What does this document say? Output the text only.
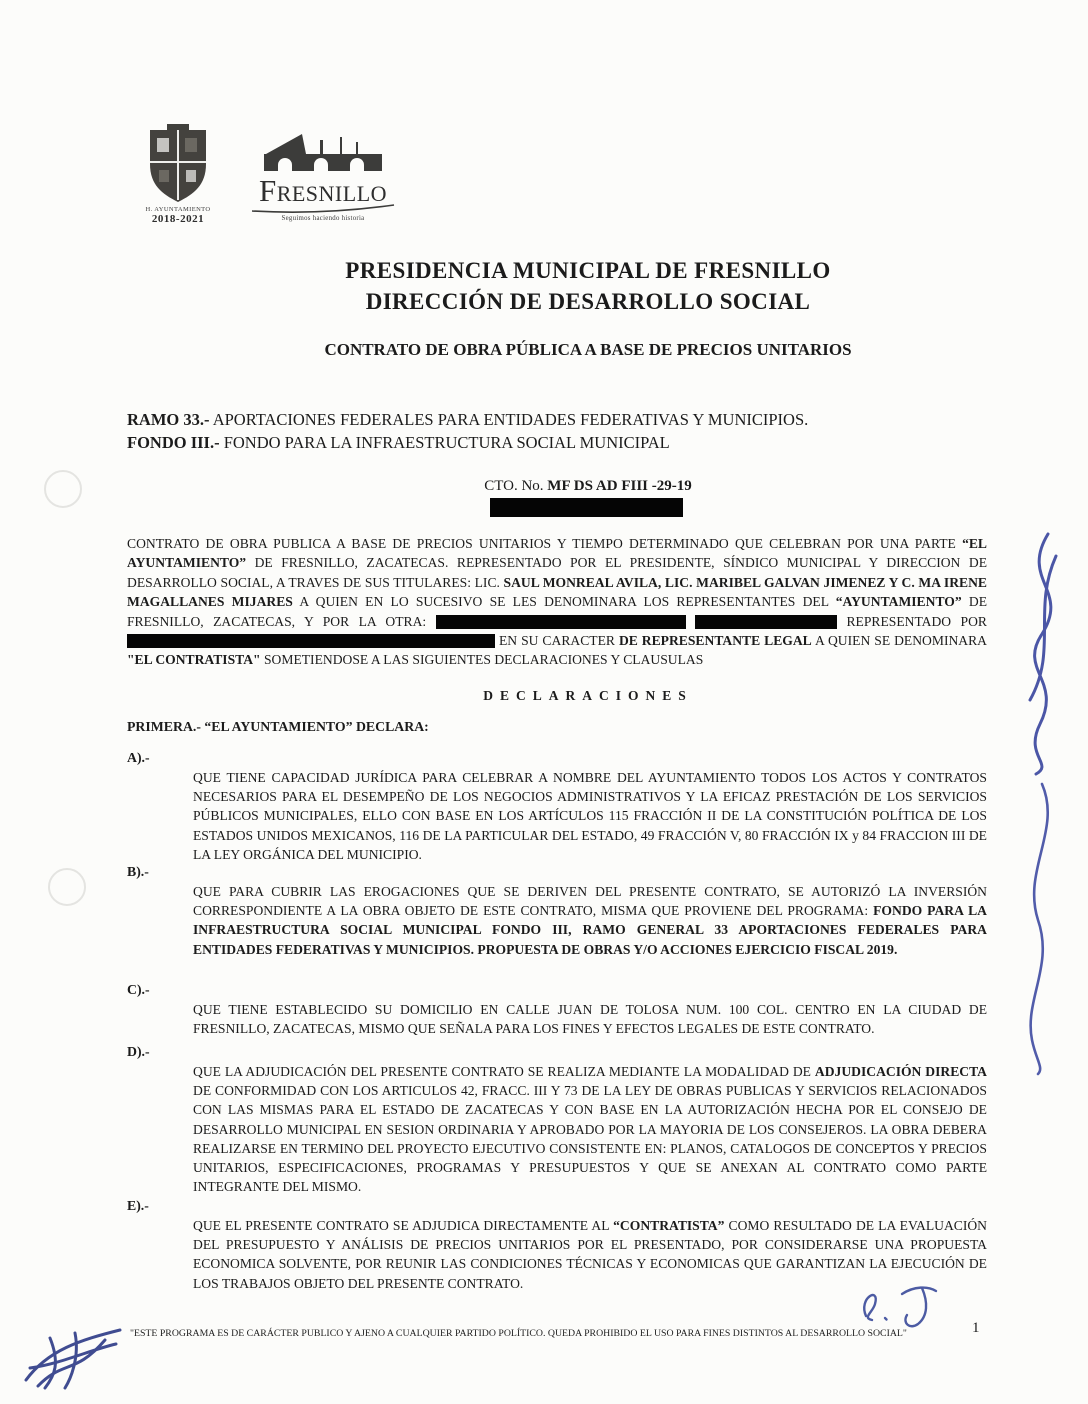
H. AYUNTAMIENTO
2018-2021
Fresnillo
Seguimos haciendo historia
PRESIDENCIA MUNICIPAL DE FRESNILLO
DIRECCIÓN DE DESARROLLO SOCIAL
CONTRATO DE OBRA PÚBLICA A BASE DE PRECIOS UNITARIOS
RAMO 33.- APORTACIONES FEDERALES PARA ENTIDADES FEDERATIVAS Y MUNICIPIOS.
FONDO III.- FONDO PARA LA INFRAESTRUCTURA SOCIAL MUNICIPAL
CTO. No. MF DS AD FIII -29-19

CONTRATO DE OBRA PUBLICA A BASE DE PRECIOS UNITARIOS Y TIEMPO DETERMINADO QUE CELEBRAN POR UNA PARTE “EL AYUNTAMIENTO” DE FRESNILLO, ZACATECAS. REPRESENTADO POR EL PRESIDENTE, SÍNDICO MUNICIPAL Y DIRECCION DE DESARROLLO SOCIAL, A TRAVES DE SUS TITULARES: LIC. SAUL MONREAL AVILA, LIC. MARIBEL GALVAN JIMENEZ Y C. MA IRENE MAGALLANES MIJARES A QUIEN EN LO SUCESIVO SE LES DENOMINARA LOS REPRESENTANTES DEL “AYUNTAMIENTO” DE FRESNILLO, ZACATECAS, Y POR LA OTRA:	REPRESENTADO POR  EN SU CARACTER DE REPRESENTANTE LEGAL A QUIEN SE DENOMINARA "EL CONTRATISTA" SOMETIENDOSE A LAS SIGUIENTES DECLARACIONES Y CLAUSULAS

DECLARACIONES
PRIMERA.- “EL AYUNTAMIENTO” DECLARA:
A).-

QUE TIENE CAPACIDAD JURÍDICA PARA CELEBRAR A NOMBRE DEL AYUNTAMIENTO TODOS LOS ACTOS Y CONTRATOS NECESARIOS PARA EL DESEMPEÑO DE LOS NEGOCIOS ADMINISTRATIVOS Y LA EFICAZ PRESTACIÓN DE LOS SERVICIOS PÚBLICOS MUNICIPALES, ELLO CON BASE EN LOS ARTÍCULOS 115 FRACCIÓN II DE LA CONSTITUCIÓN POLÍTICA DE LOS ESTADOS UNIDOS MEXICANOS, 116 DE LA PARTICULAR DEL ESTADO, 49 FRACCIÓN V, 80 FRACCIÓN IX y 84 FRACCION III DE LA LEY ORGÁNICA DEL MUNICIPIO.

B).-

QUE PARA CUBRIR LAS EROGACIONES QUE SE DERIVEN DEL PRESENTE CONTRATO, SE AUTORIZÓ LA INVERSIÓN CORRESPONDIENTE A LA OBRA OBJETO DE ESTE CONTRATO, MISMA QUE PROVIENE DEL PROGRAMA: FONDO PARA LA INFRAESTRUCTURA SOCIAL MUNICIPAL FONDO III, RAMO GENERAL 33 APORTACIONES FEDERALES PARA ENTIDADES FEDERATIVAS Y MUNICIPIOS. PROPUESTA DE OBRAS Y/O ACCIONES EJERCICIO FISCAL 2019.

C).-

QUE TIENE ESTABLECIDO SU DOMICILIO EN CALLE JUAN DE TOLOSA NUM. 100 COL. CENTRO EN LA CIUDAD DE FRESNILLO, ZACATECAS, MISMO QUE SEÑALA PARA LOS FINES Y EFECTOS LEGALES DE ESTE CONTRATO.

D).-

QUE LA ADJUDICACIÓN DEL PRESENTE CONTRATO SE REALIZA MEDIANTE LA MODALIDAD DE ADJUDICACIÓN DIRECTA DE CONFORMIDAD CON LOS ARTICULOS 42, FRACC. III Y 73 DE LA LEY DE OBRAS PUBLICAS Y SERVICIOS RELACIONADOS CON LAS MISMAS PARA EL ESTADO DE ZACATECAS Y CON BASE EN LA AUTORIZACIÓN HECHA POR EL CONSEJO DE DESARROLLO MUNICIPAL EN SESION ORDINARIA Y APROBADO POR LA MAYORIA DE LOS CONSEJEROS. LA OBRA DEBERA REALIZARSE EN TERMINO DEL PROYECTO EJECUTIVO CONSISTENTE EN: PLANOS, CATALOGOS DE CONCEPTOS Y PRECIOS UNITARIOS, ESPECIFICACIONES, PROGRAMAS Y PRESUPUESTOS Y QUE SE ANEXAN AL CONTRATO COMO PARTE INTEGRANTE DEL MISMO.

E).-

QUE EL PRESENTE CONTRATO SE ADJUDICA DIRECTAMENTE AL “CONTRATISTA” COMO RESULTADO DE LA EVALUACIÓN DEL PRESUPUESTO Y ANÁLISIS DE PRECIOS UNITARIOS POR EL PRESENTADO, POR CONSIDERARSE UNA PROPUESTA ECONOMICA SOLVENTE, POR REUNIR LAS CONDICIONES TÉCNICAS Y ECONOMICAS QUE GARANTIZAN LA EJECUCIÓN DE LOS TRABAJOS OBJETO DEL PRESENTE CONTRATO.

"ESTE PROGRAMA ES DE CARÁCTER PUBLICO Y AJENO A CUALQUIER PARTIDO POLÍTICO. QUEDA PROHIBIDO EL USO PARA FINES DISTINTOS AL DESARROLLO SOCIAL"	1
